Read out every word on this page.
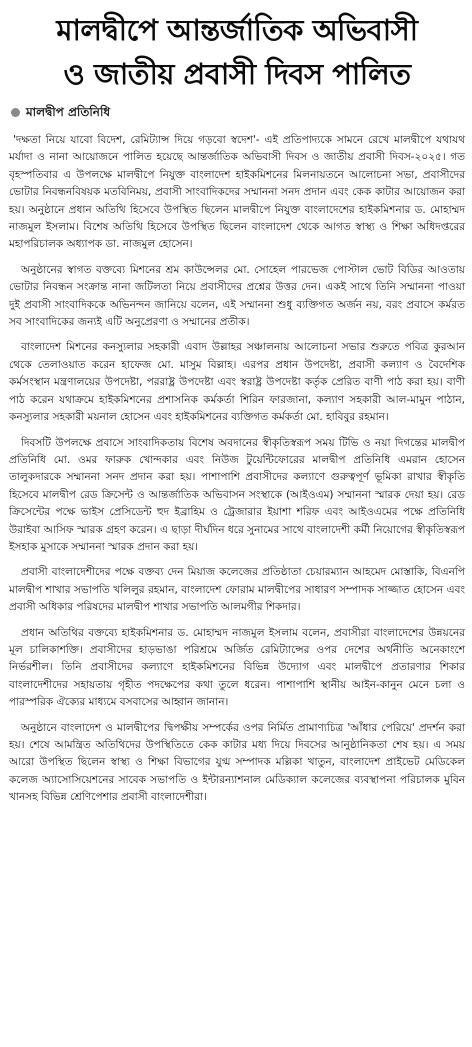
মালদ্বীপে আন্তর্জাতিক অভিবাসী
ও জাতীয় প্রবাসী দিবস পালিত
মালদ্বীপ প্রতিনিধি

'দক্ষতা নিয়ে যাবো বিদেশ, রেমিট্যান্স দিয়ে গড়বো স্বদেশ'- এই প্রতিপাদ্যকে সামনে রেখে মালদ্বীপে যথাযথ মর্যাদা ও নানা আয়োজনে পালিত হয়েছে আন্তর্জাতিক অভিবাসী দিবস ও জাতীয় প্রবাসী দিবস-২০২৫। গত বৃহস্পতিবার এ উপলক্ষে মালদ্বীপে নিযুক্ত বাংলাদেশ হাইকমিশনের মিলনায়তনে আলোচনা সভা, প্রবাসীদের ভোটার নিবন্ধনবিষয়ক মতবিনিময়, প্রবাসী সাংবাদিকদের সম্মাননা সনদ প্রদান এবং কেক কাটার আয়োজন করা হয়। অনুষ্ঠানে প্রধান অতিথি হিসেবে উপস্থিত ছিলেন মালদ্বীপে নিযুক্ত বাংলাদেশের হাইকমিশনার ড. মোহাম্মদ নাজমুল ইসলাম। বিশেষ অতিথি হিসেবে উপস্থিত ছিলেন বাংলাদেশ থেকে আগত স্বাস্থ্য ও শিক্ষা অধিদপ্তরের মহাপরিচালক অধ্যাপক ডা. নাজমুল হোসেন।

অনুষ্ঠানের স্বাগত বক্তব্যে মিশনের শ্রম কাউন্সেলর মো. সোহেল পারভেজ পোস্টাল ভোট বিডির আওতায় ভোটার নিবন্ধন সংক্রান্ত নানা জটিলতা নিয়ে প্রবাসীদের প্রশ্নের উত্তর দেন। একই সাথে তিনি সম্মাননা পাওয়া দুই প্রবাসী সাংবাদিককে অভিনন্দন জানিয়ে বলেন, এই সম্মাননা শুধু ব্যক্তিগত অর্জন নয়, বরং প্রবাসে কর্মরত সব সাংবাদিকের জন্যই এটি অনুপ্রেরণা ও সম্মানের প্রতীক।

বাংলাদেশ মিশনের কনস্যুলার সহকারী এবাদ উল্লাহর সঞ্চালনায় আলোচনা সভার শুরুতে পবিত্র কুরআন থেকে তেলাওয়াত করেন হাফেজ মো. মাসুম বিল্লাহ। এরপর প্রধান উপদেষ্টা, প্রবাসী কল্যাণ ও বৈদেশিক কর্মসংস্থান মন্ত্রণালয়ের উপদেষ্টা, পররাষ্ট্র উপদেষ্টা এবং স্বরাষ্ট্র উপদেষ্টা কর্তৃক প্রেরিত বাণী পাঠ করা হয়। বাণী পাঠ করেন যথাক্রমে হাইকমিশনের প্রশাসনিক কর্মকর্তা শিরিন ফারজানা, কল্যাণ সহকারী আল-মামুন পাঠান, কনস্যুলার সহকারী ময়নাল হোসেন এবং হাইকমিশনের ব্যক্তিগত কর্মকর্তা মো. হাবিবুর রহমান।

দিবসটি উপলক্ষে প্রবাসে সাংবাদিকতায় বিশেষ অবদানের স্বীকৃতিস্বরূপ সময় টিভি ও নয়া দিগন্তের মালদ্বীপ প্রতিনিধি মো. ওমর ফারুক খোন্দকার এবং নিউজ টুয়েন্টিফোরের মালদ্বীপ প্রতিনিধি এমরান হোসেন তালুকদারকে সম্মাননা সনদ প্রদান করা হয়। পাশাপাশি প্রবাসীদের কল্যাণে গুরুত্বপূর্ণ ভূমিকা রাখার স্বীকৃতি হিসেবে মালদ্বীপ রেড ক্রিসেন্ট ও আন্তর্জাতিক অভিবাসন সংস্থাকে (আইওএম) সম্মাননা স্মারক দেয়া হয়। রেড ক্রিসেন্টের পক্ষে ভাইস প্রেসিডেন্ট হুদ ইব্রাহিম ও ট্রেজারার ইয়াশা শরিফ এবং আইওএমের পক্ষে প্রতিনিধি উরাইবা আসিফ স্মারক গ্রহণ করেন। এ ছাড়া দীর্ঘদিন ধরে সুনামের সাথে বাংলাদেশী কর্মী নিয়োগের স্বীকৃতিস্বরূপ ইসহাক মুসাকে সম্মাননা স্মারক প্রদান করা হয়।

প্রবাসী বাংলাদেশীদের পক্ষে বক্তব্য দেন মিয়াজ কলেজের প্রতিষ্ঠাতা চেয়ারম্যান আহমেদ মোস্তাকি, বিএনপি মালদ্বীপ শাখার সভাপতি খলিলুর রহমান, বাংলাদেশ ফোরাম মালদ্বীপের সাধারণ সম্পাদক সাজ্জাত হোসেন এবং প্রবাসী অধিকার পরিষদের মালদ্বীপ শাখার সভাপতি আলমগীর শিকদার।

প্রধান অতিথির বক্তব্যে হাইকমিশনার ড. মোহাম্মদ নাজমুল ইসলাম বলেন, প্রবাসীরা বাংলাদেশের উন্নয়নের মূল চালিকাশক্তি। প্রবাসীদের হাড়ভাঙা পরিশ্রমে অর্জিত রেমিট্যান্সের ওপর দেশের অর্থনীতি অনেকাংশে নির্ভরশীল। তিনি প্রবাসীদের কল্যাণে হাইকমিশনের বিভিন্ন উদ্যোগ এবং মালদ্বীপে প্রতারণার শিকার বাংলাদেশীদের সহায়তায় গৃহীত পদক্ষেপের কথা তুলে ধরেন। পাশাপাশি স্থানীয় আইন-কানুন মেনে চলা ও পারস্পরিক ঐক্যের মাধ্যমে বসবাসের আহ্বান জানান।

অনুষ্ঠানে বাংলাদেশ ও মালদ্বীপের দ্বিপক্ষীয় সম্পর্কের ওপর নির্মিত প্রামাণ্যচিত্র 'আঁধার পেরিয়ে' প্রদর্শন করা হয়। শেষে আমন্ত্রিত অতিথিদের উপস্থিতিতে কেক কাটার মধ্য দিয়ে দিবসের আনুষ্ঠানিকতা শেষ হয়। এ সময় আরো উপস্থিত ছিলেন স্বাস্থ্য ও শিক্ষা বিভাগের যুগ্ম সম্পাদক মল্লিকা খাতুন, বাংলাদেশ প্রাইভেট মেডিকেল কলেজ অ্যাসোসিয়েশনের সাবেক সভাপতি ও ইন্টারন্যাশনাল মেডিক্যাল কলেজের ব্যবস্থাপনা পরিচালক মুবিন খানসহ বিভিন্ন শ্রেণিপেশার প্রবাসী বাংলাদেশীরা।
